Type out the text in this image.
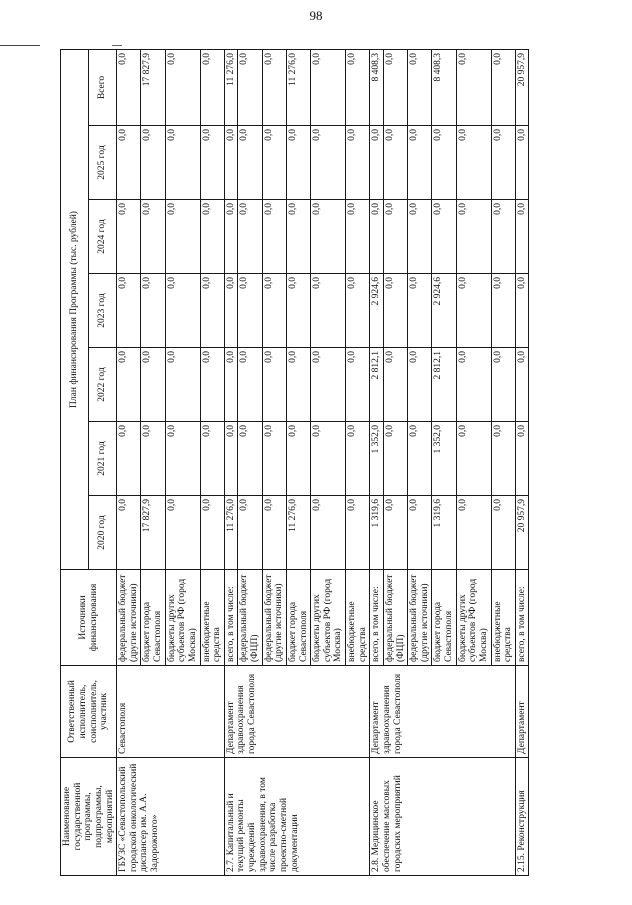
98
Наименование государственной программы, подпрограммы, мероприятий	Ответственный исполнитель, соисполнитель, участник	Источники финансирования	План финансирования Программы (тыс. рублей)						
			2020 год	2021 год	2022 год	2023 год	2024 год	2025 год	Всего
ГБУЗС «Севастопольский городской онкологический диспансер им. А.А. Задорожного»	Севастополя	федеральный бюджет (другие источники)	0,0	0,0	0,0	0,0	0,0	0,0	0,0
		бюджет города Севастополя	17 827,9	0,0	0,0	0,0	0,0	0,0	17 827,9
		бюджеты других субъектов РФ (город Москва)	0,0	0,0	0,0	0,0	0,0	0,0	0,0
		внебюджетные средства	0,0	0,0	0,0	0,0	0,0	0,0	0,0
2.7. Капитальный и текущий ремонты учреждений здравоохранения, в том числе разработка проектно-сметной документации	Департамент здравоохранения города Севастополя	всего, в том числе:	11 276,0	0,0	0,0	0,0	0,0	0,0	11 276,0
		федеральный бюджет (ФЦП)	0,0	0,0	0,0	0,0	0,0	0,0	0,0
		федеральный бюджет (другие источники)	0,0	0,0	0,0	0,0	0,0	0,0	0,0
		бюджет города Севастополя	11 276,0	0,0	0,0	0,0	0,0	0,0	11 276,0
		бюджеты других субъектов РФ (город Москва)	0,0	0,0	0,0	0,0	0,0	0,0	0,0
		внебюджетные средства	0,0	0,0	0,0	0,0	0,0	0,0	0,0
2.8. Медицинское обеспечение массовых городских мероприятий	Департамент здравоохранения города Севастополя	всего, в том числе:	1 319,6	1 352,0	2 812,1	2 924,6	0,0	0,0	8 408,3
		федеральный бюджет (ФЦП)	0,0	0,0	0,0	0,0	0,0	0,0	0,0
		федеральный бюджет (другие источники)	0,0	0,0	0,0	0,0	0,0	0,0	0,0
		бюджет города Севастополя	1 319,6	1 352,0	2 812,1	2 924,6	0,0	0,0	8 408,3
		бюджеты других субъектов РФ (город Москва)	0,0	0,0	0,0	0,0	0,0	0,0	0,0
		внебюджетные средства	0,0	0,0	0,0	0,0	0,0	0,0	0,0
2.15. Реконструкция	Департамент	всего, в том числе:	20 957,9	0,0	0,0	0,0	0,0	0,0	20 957,9
